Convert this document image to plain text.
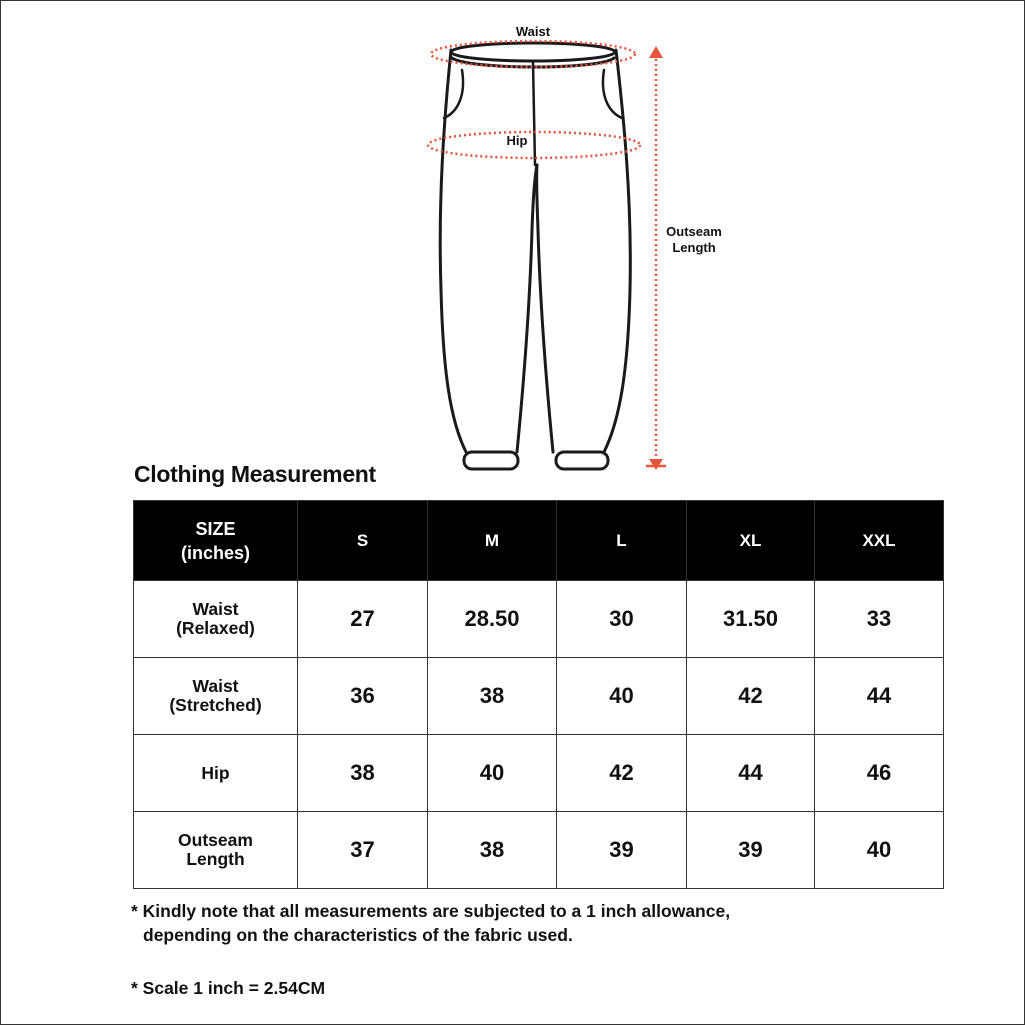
Waist
Hip
Outseam
Length
Clothing Measurement
SIZE
(inches)	S	M	L	XL	XXL
Waist
(Relaxed)	27	28.50	30	31.50	33
Waist
(Stretched)	36	38	40	42	44
Hip	38	40	42	44	46
Outseam
Length	37	38	39	39	40
* Kindly note that all measurements are subjected to a 1 inch allowance,
depending on the characteristics of the fabric used.
* Scale 1 inch = 2.54CM
